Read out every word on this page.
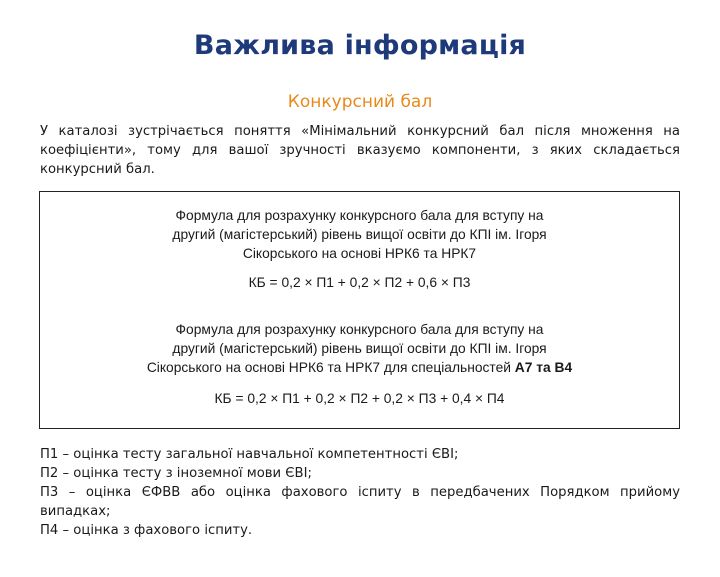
Важлива інформація
Конкурсний бал
У каталозі зустрічається поняття «Мінімальний конкурсний бал після множення на коефіцієнти», тому для вашої зручності вказуємо компоненти, з яких складається конкурсний бал.
Формула для розрахунку конкурсного бала для вступу на
другий (магістерський) рівень вищої освіти до КПІ ім. Ігоря
Сікорського на основі НРК6 та НРК7
КБ = 0,2 × П1 + 0,2 × П2 + 0,6 × П3
Формула для розрахунку конкурсного бала для вступу на
другий (магістерський) рівень вищої освіти до КПІ ім. Ігоря
Сікорського на основі НРК6 та НРК7 для спеціальностей А7 та В4
КБ = 0,2 × П1 + 0,2 × П2 + 0,2 × П3 + 0,4 × П4
П1 – оцінка тесту загальної навчальної компетентності ЄВІ;
П2 – оцінка тесту з іноземної мови ЄВІ;
П3 – оцінка ЄФВВ або оцінка фахового іспиту в передбачених Порядком прийому випадках;
П4 – оцінка з фахового іспиту.
